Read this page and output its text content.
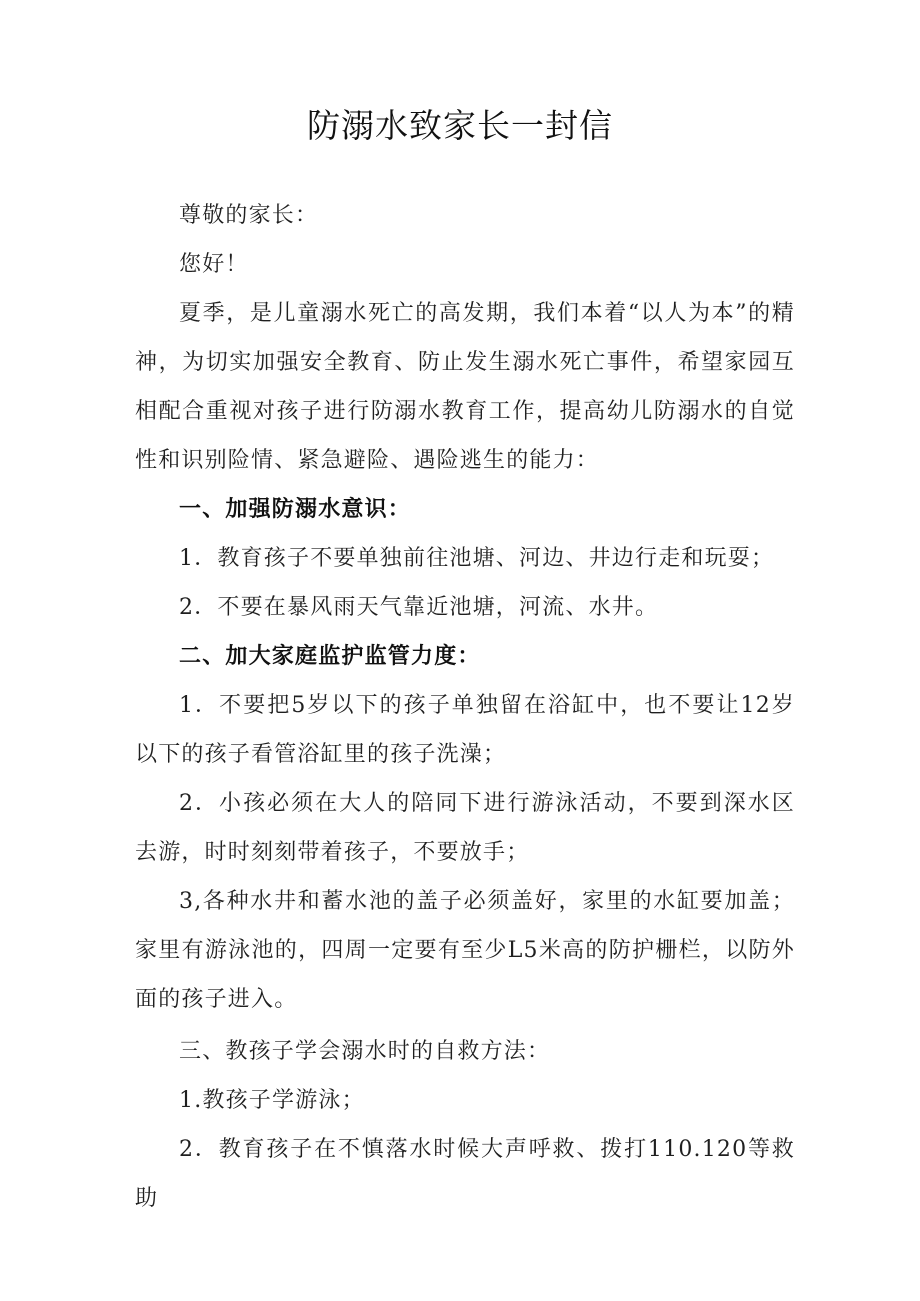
防溺水致家长一封信

尊敬的家长：

您好！

夏季，是儿童溺水死亡的高发期，我们本着“以人为本”的精神，为切实加强安全教育、防止发生溺水死亡事件，希望家园互相配合重视对孩子进行防溺水教育工作，提高幼儿防溺水的自觉性和识别险情、紧急避险、遇险逃生的能力：

一、加强防溺水意识：

1．教育孩子不要单独前往池塘、河边、井边行走和玩耍；

2．不要在暴风雨天气靠近池塘，河流、水井。

二、加大家庭监护监管力度：

1．不要把5岁以下的孩子单独留在浴缸中，也不要让12岁以下的孩子看管浴缸里的孩子洗澡；

2．小孩必须在大人的陪同下进行游泳活动，不要到深水区去游，时时刻刻带着孩子，不要放手；

3,各种水井和蓄水池的盖子必须盖好，家里的水缸要加盖；家里有游泳池的，四周一定要有至少L5米高的防护栅栏，以防外面的孩子进入。

三、教孩子学会溺水时的自救方法：

1.教孩子学游泳；

2．教育孩子在不慎落水时候大声呼救、拨打110.120等救助
